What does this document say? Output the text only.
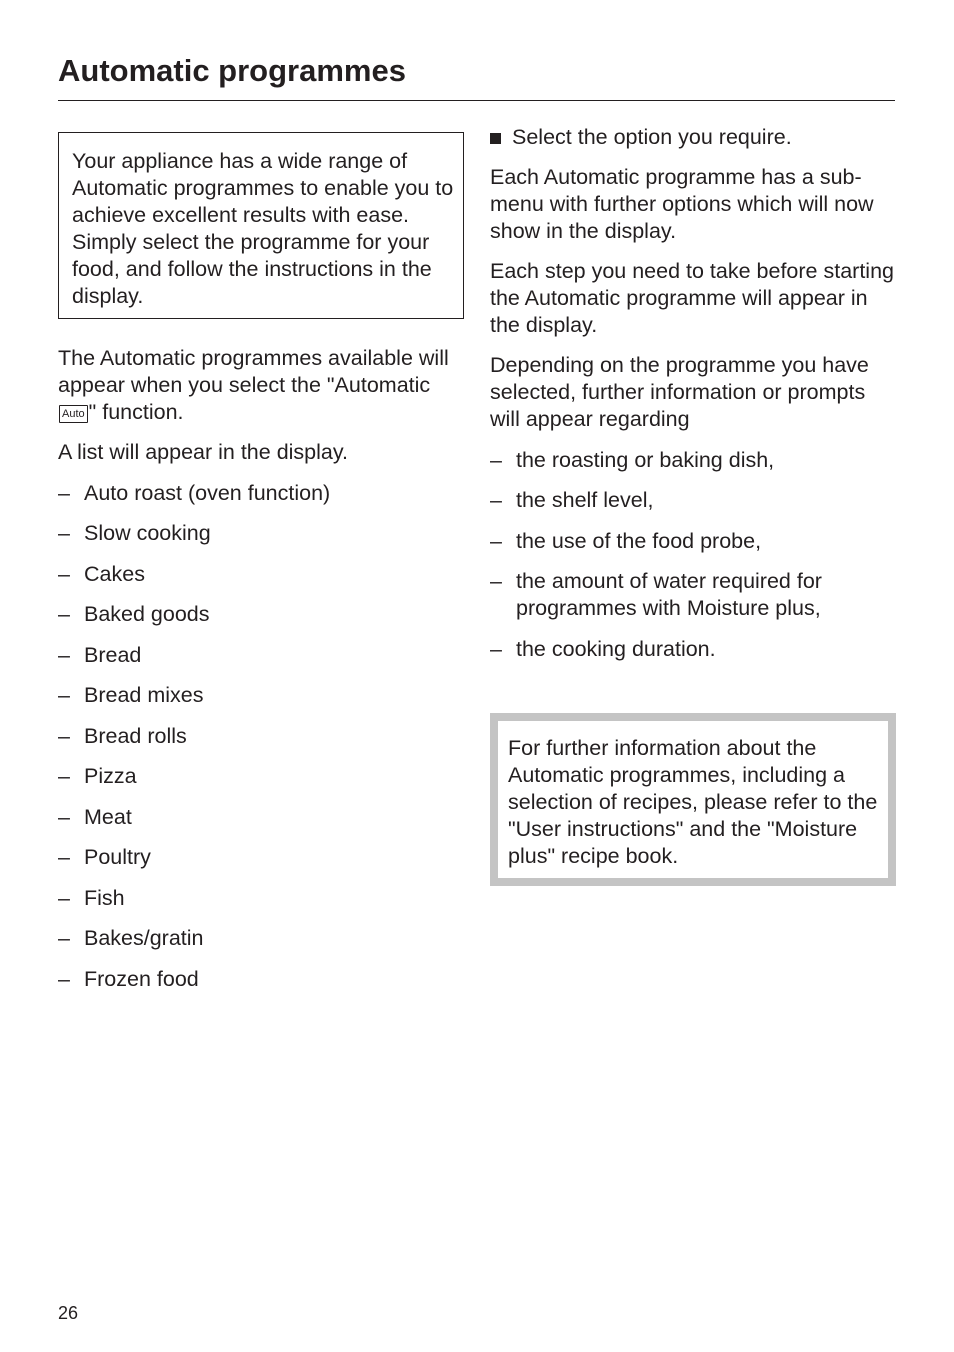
Automatic programmes

Your appliance has a wide range of Automatic programmes to enable you to achieve excellent results with ease.

Simply select the programme for your food, and follow the instructions in the display.

The Automatic programmes available will appear when you select the "Automatic Auto " function.

A list will appear in the display.

– Auto roast (oven function)
– Slow cooking
– Cakes
– Baked goods
– Bread
– Bread mixes
– Bread rolls
– Pizza
– Meat
– Poultry
– Fish
– Bakes/gratin
– Frozen food

Select the option you require.

Each Automatic programme has a submenu with further options which will now show in the display.

Each step you need to take before starting the Automatic programme will appear in the display.

Depending on the programme you have selected, further information or prompts will appear regarding

– the roasting or baking dish,
– the shelf level,
– the use of the food probe,
– the amount of water required for programmes with Moisture plus,
– the cooking duration.

For further information about the Automatic programmes, including a selection of recipes, please refer to the "User instructions" and the "Moisture plus" recipe book.

26
